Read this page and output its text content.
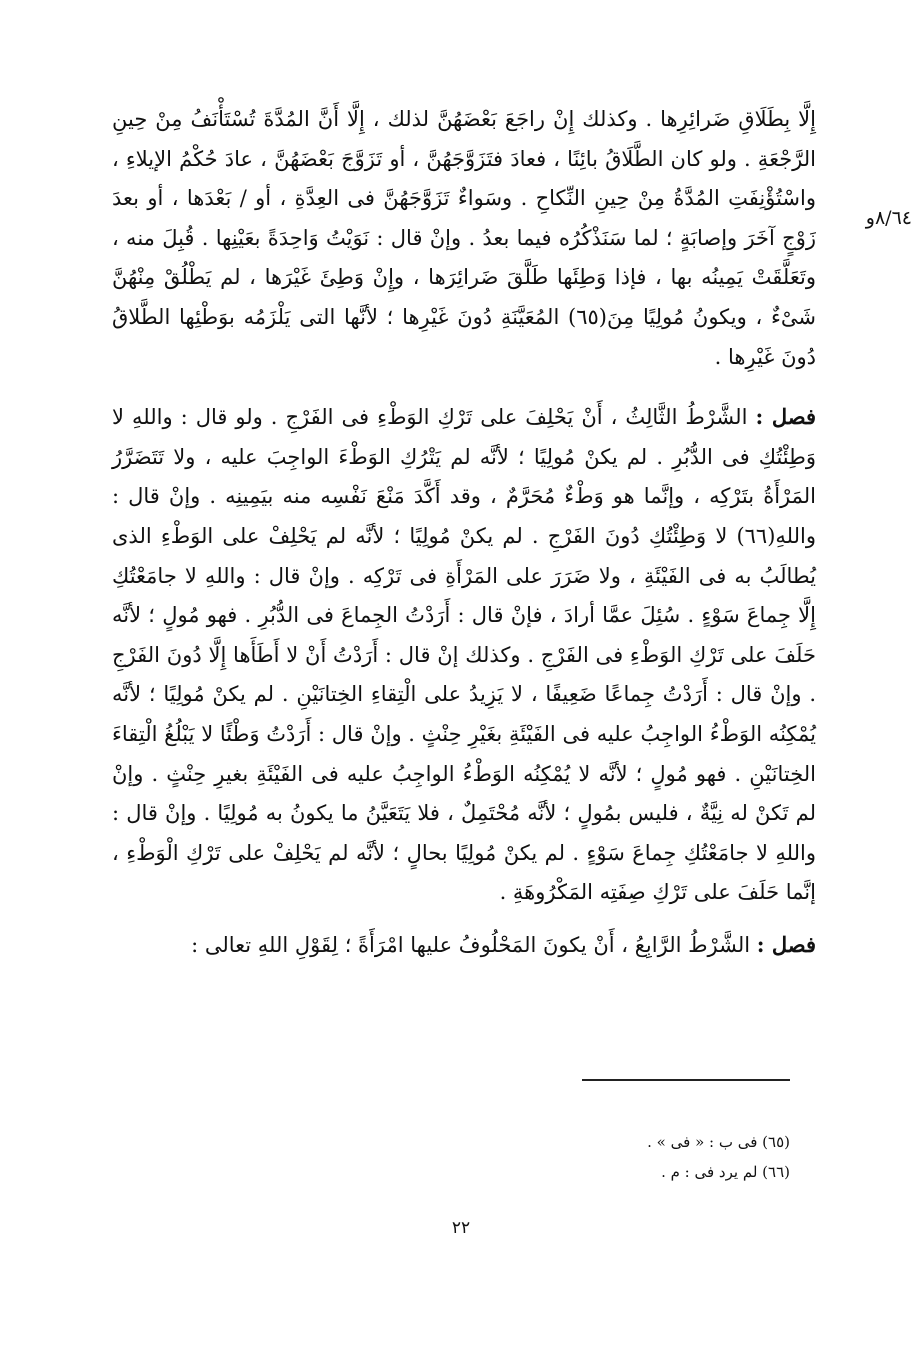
٨/٦٤و

إِلَّا بِطَلَاقِ ضَرائِرِها . وكذلك إِنْ راجَعَ بَعْضَهُنَّ لذلك ، إِلَّا أَنَّ المُدَّةَ تُسْتَأْنَفُ مِنْ حِينِ الرَّجْعَةِ . ولو كان الطَّلَاقُ بائِنًا ، فعادَ فتَزَوَّجَهُنَّ ، أو تَزَوَّجَ بَعْضَهُنَّ ، عادَ حُكْمُ الإيلاءِ ، واسْتُؤْنِفَتِ المُدَّةُ مِنْ حِينِ النِّكاحِ . وسَواءٌ تَزَوَّجَهُنَّ فى العِدَّةِ ، أو / بَعْدَها ، أو بعدَ زَوْجٍ آخَرَ وإصابَةٍ ؛ لما سَنَذْكُرُه فيما بعدُ . وإنْ قال : نَوَيْتُ وَاحِدَةً بعَيْنِها . قُبِلَ منه ، وتَعَلَّقَتْ يَمِينُه بها ، فإذا وَطِئَها طَلَّقَ ضَرائِرَها ، وإِنْ وَطِئَ غَيْرَها ، لم يَطْلُقْ مِنْهُنَّ شَىْءٌ ، ويكونُ مُولِيًا مِنَ(٦٥) المُعَيَّنَةِ دُونَ غَيْرِها ؛ لأنَّها التى يَلْزَمُه بوَطْئِها الطَّلاقُ دُونَ غَيْرِها .

فصل : الشَّرْطُ الثَّالِثُ ، أَنْ يَحْلِفَ على تَرْكِ الوَطْءِ فى الفَرْجِ . ولو قال : واللهِ لا وَطِئْتُكِ فى الدُّبُرِ . لم يكنْ مُولِيًا ؛ لأنَّه لم يَتْرُكِ الوَطْءَ الواجِبَ عليه ، ولا تَتَضَرَّرُ المَرْأَةُ بتَرْكِه ، وإنَّما هو وَطْءٌ مُحَرَّمٌ ، وقد أَكَّدَ مَنْعَ نَفْسِه منه بيَمِينِه . وإنْ قال : واللهِ(٦٦) لا وَطِئْتُكِ دُونَ الفَرْجِ . لم يكنْ مُولِيًا ؛ لأنَّه لم يَحْلِفْ على الوَطْءِ الذى يُطالَبُ به فى الفَيْئَةِ ، ولا ضَرَرَ على المَرْأَةِ فى تَرْكِه . وإنْ قال : واللهِ لا جامَعْتُكِ إِلَّا جِماعَ سَوْءٍ . سُئِلَ عمَّا أرادَ ، فإنْ قال : أَرَدْتُ الجِماعَ فى الدُّبُرِ . فهو مُولٍ ؛ لأنَّه حَلَفَ على تَرْكِ الوَطْءِ فى الفَرْجِ . وكذلك إنْ قال : أَرَدْتُ أَنْ لا أَطَأَها إِلَّا دُونَ الفَرْجِ . وإنْ قال : أَرَدْتُ جِماعًا ضَعِيفًا ، لا يَزِيدُ على الْتِقاءِ الخِتانَيْنِ . لم يكنْ مُولِيًا ؛ لأنَّه يُمْكِنُه الوَطْءُ الواجِبُ عليه فى الفَيْئَةِ بغَيْرِ حِنْثٍ . وإنْ قال : أَرَدْتُ وَطْئًا لا يَبْلُغُ الْتِقاءَ الخِتانَيْنِ . فهو مُولٍ ؛ لأنَّه لا يُمْكِنُه الوَطْءُ الواجِبُ عليه فى الفَيْئَةِ بغيرِ حِنْثٍ . وإنْ لم تَكنْ له نِيَّةٌ ، فليس بمُولٍ ؛ لأنَّه مُحْتَمِلٌ ، فلا يَتَعَيَّنُ ما يكونُ به مُولِيًا . وإنْ قال : واللهِ لا جامَعْتُكِ جِماعَ سَوْءٍ . لم يكنْ مُولِيًا بحالٍ ؛ لأنَّه لم يَحْلِفْ على تَرْكِ الْوَطْءِ ، إنَّما حَلَفَ على تَرْكِ صِفَتِه المَكْرُوهَةِ .

فصل : الشَّرْطُ الرَّابِعُ ، أَنْ يكونَ المَحْلُوفُ عليها امْرَأَةً ؛ لِقَوْلِ اللهِ تعالى :

(٦٥) فى ب : « فى » .

(٦٦) لم يرد فى : م .

٢٢
